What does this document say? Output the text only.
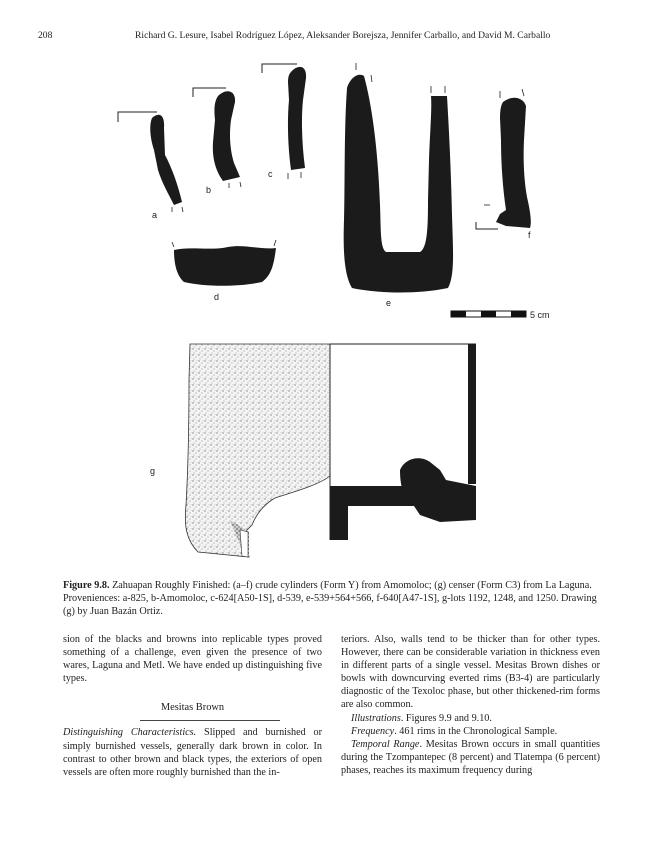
208	Richard G. Lesure, Isabel Rodríguez López, Aleksander Borejsza, Jennifer Carballo, and David M. Carballo
a
b
c
d
e
f
5 cm
g
Figure 9.8. Zahuapan Roughly Finished: (a–f) crude cylinders (Form Y) from Amomoloc; (g) censer (Form C3) from La Laguna. Proveniences: a-825, b-Amomoloc, c-624[A50-1S], d-539, e-539+564+566, f-640[A47-1S], g-lots 1192, 1248, and 1250. Drawing (g) by Juan Bazán Ortiz.

sion of the blacks and browns into replicable types proved something of a challenge, even given the presence of two wares, Laguna and Metl. We have ended up distinguishing five types.

Mesitas Brown

Distinguishing Characteristics. Slipped and burnished or simply burnished vessels, generally dark brown in color. In contrast to other brown and black types, the exteriors of open vessels are often more roughly burnished than the in-

teriors. Also, walls tend to be thicker than for other types. However, there can be considerable variation in thickness even in different parts of a single vessel. Mesitas Brown dishes or bowls with downcurving everted rims (B3-4) are particularly diagnostic of the Texoloc phase, but other thickened-rim forms are also common.

Illustrations. Figures 9.9 and 9.10.

Frequency. 461 rims in the Chronological Sample.

Temporal Range. Mesitas Brown occurs in small quantities during the Tzompantepec (8 percent) and Tlatempa (6 percent) phases, reaches its maximum frequency during
